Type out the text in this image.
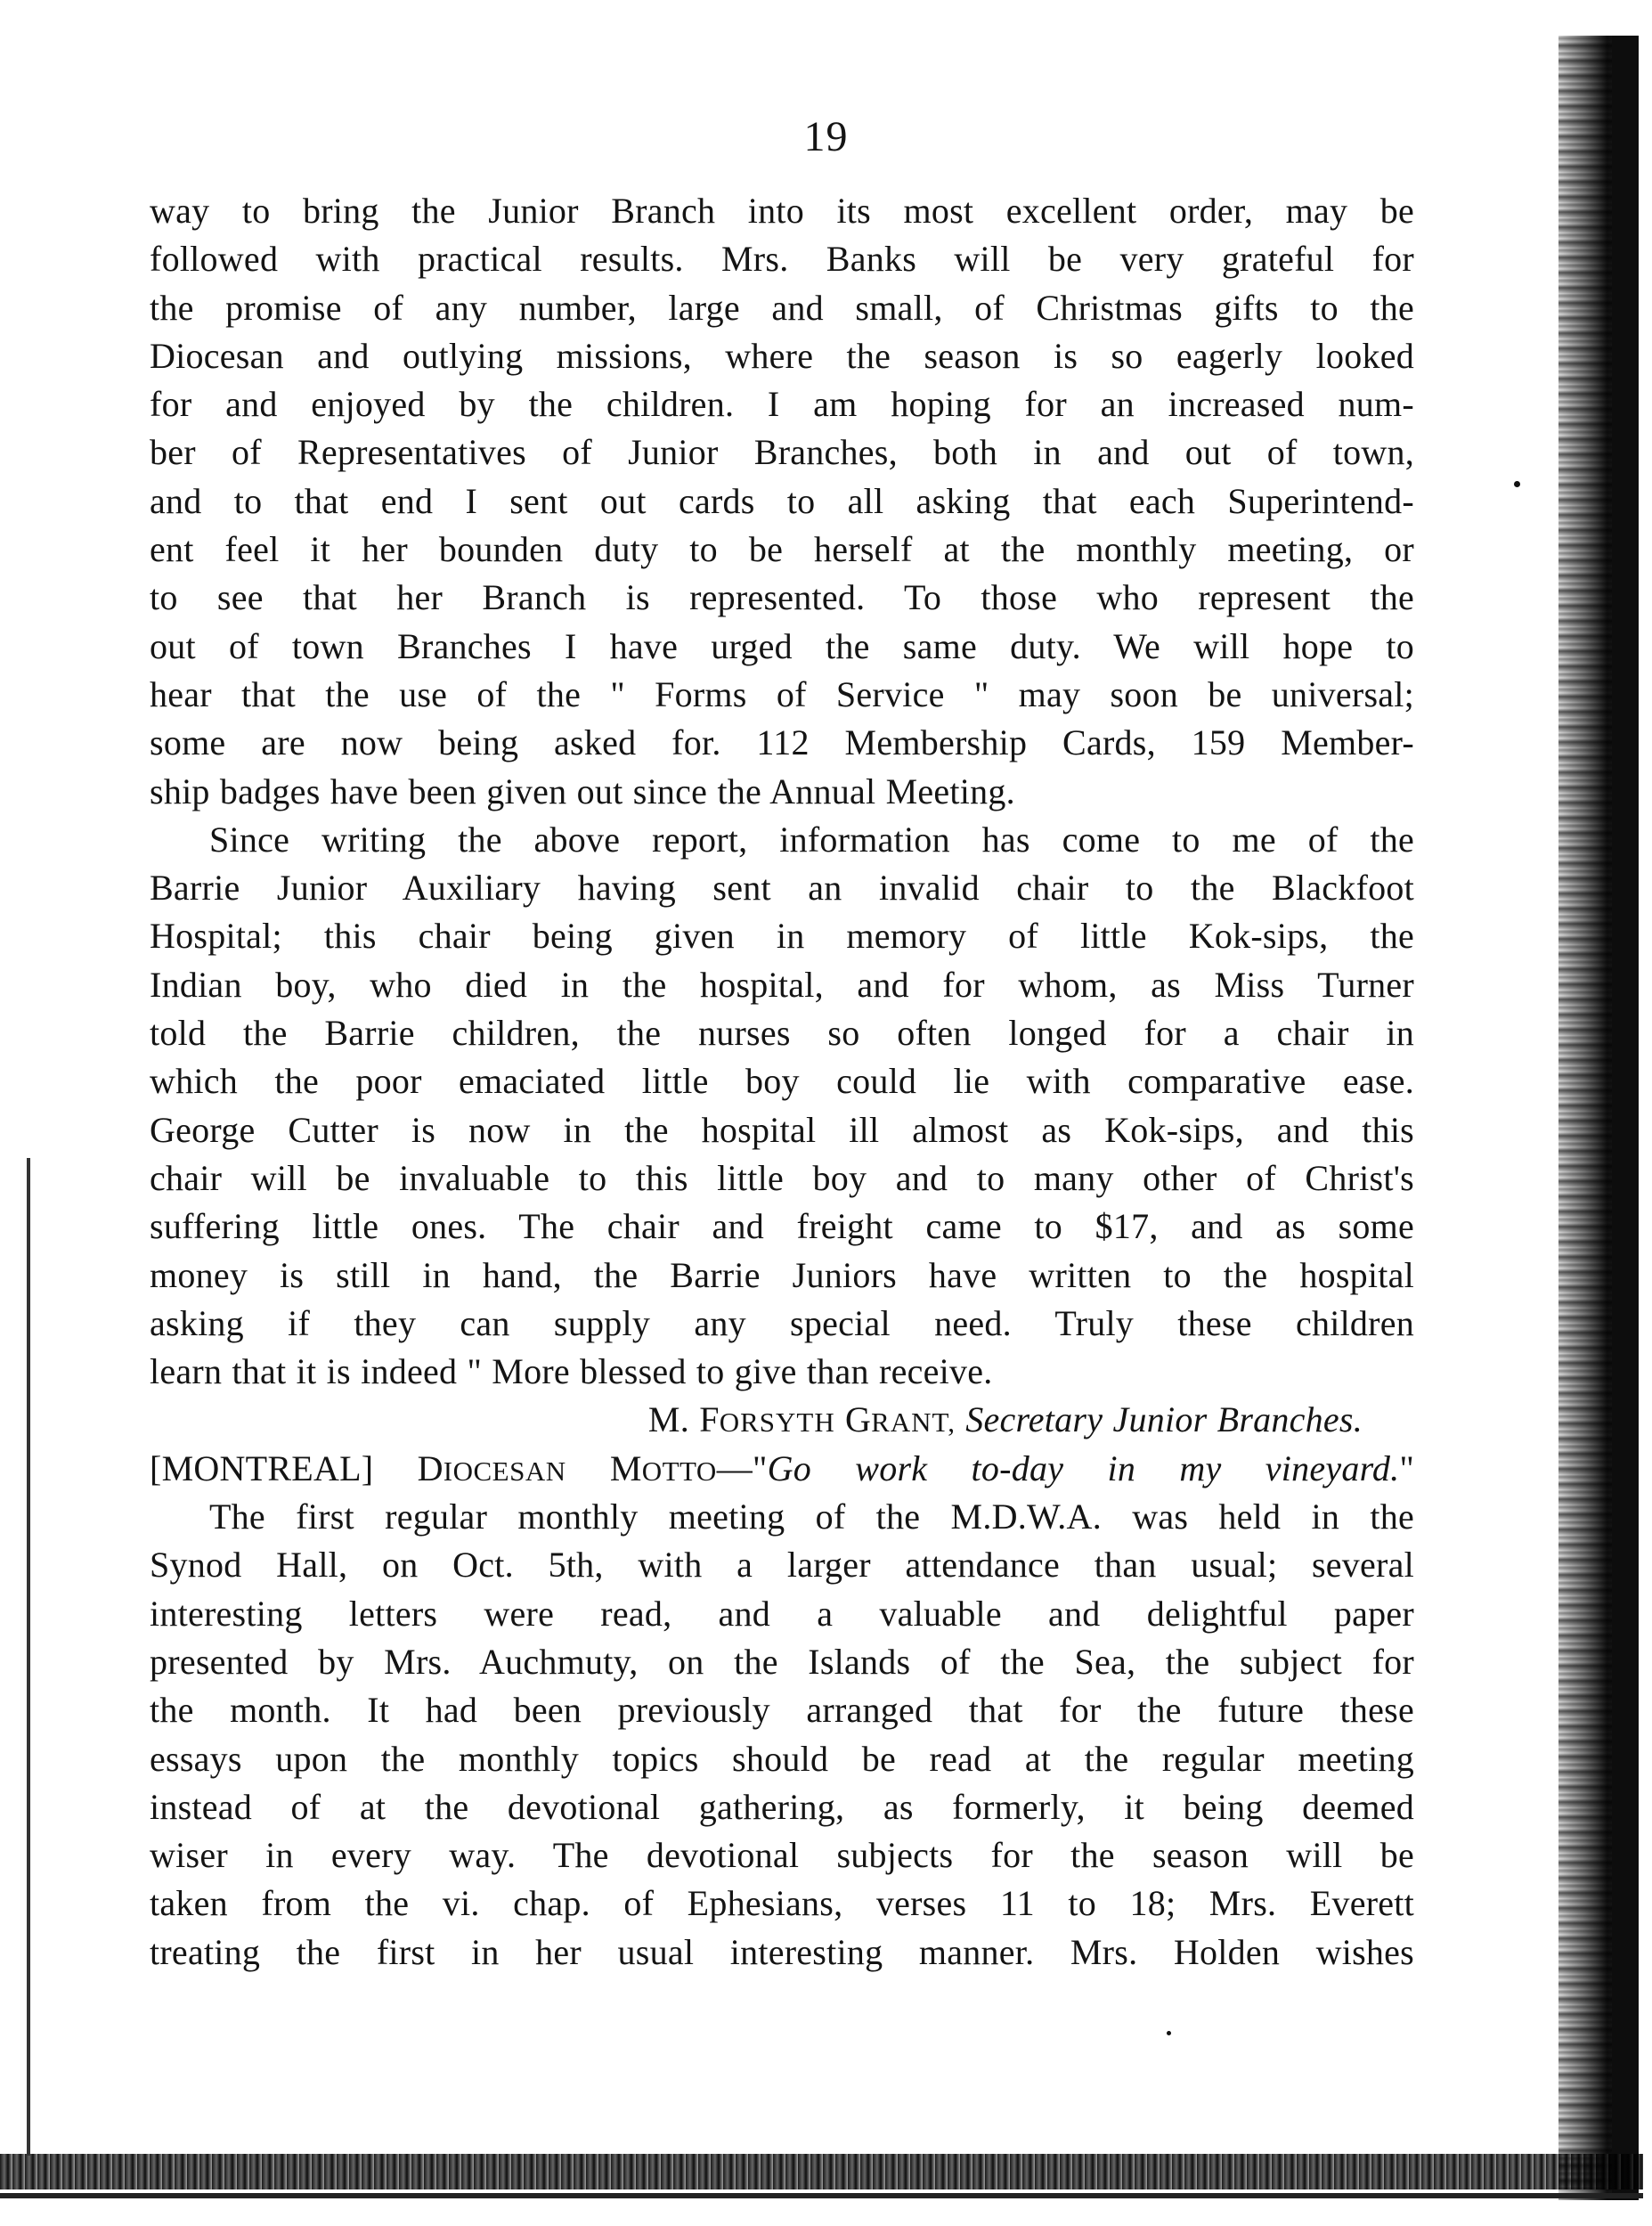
19
way to bring the Junior Branch into its most excellent order, may be
followed with practical results. Mrs. Banks will be very grateful for
the promise of any number, large and small, of Christmas gifts to the
Diocesan and outlying missions, where the season is so eagerly looked
for and enjoyed by the children. I am hoping for an increased num-
ber of Representatives of Junior Branches, both in and out of town,
and to that end I sent out cards to all asking that each Superintend-
ent feel it her bounden duty to be herself at the monthly meeting, or
to see that her Branch is represented. To those who represent the
out of town Branches I have urged the same duty. We will hope to
hear that the use of the " Forms of Service " may soon be universal;
some are now being asked for. 112 Membership Cards, 159 Member-
ship badges have been given out since the Annual Meeting.
Since writing the above report, information has come to me of the
Barrie Junior Auxiliary having sent an invalid chair to the Blackfoot
Hospital; this chair being given in memory of little Kok-sips, the
Indian boy, who died in the hospital, and for whom, as Miss Turner
told the Barrie children, the nurses so often longed for a chair in
which the poor emaciated little boy could lie with comparative ease.
George Cutter is now in the hospital ill almost as Kok-sips, and this
chair will be invaluable to this little boy and to many other of Christ's
suffering little ones. The chair and freight came to $17, and as some
money is still in hand, the Barrie Juniors have written to the hospital
asking if they can supply any special need. Truly these children
learn that it is indeed " More blessed to give than receive.
M. FORSYTH GRANT, Secretary Junior Branches.
[MONTREAL] DIOCESAN MOTTO—"Go work to-day in my vineyard."
The first regular monthly meeting of the M.D.W.A. was held in the
Synod Hall, on Oct. 5th, with a larger attendance than usual; several
interesting letters were read, and a valuable and delightful paper
presented by Mrs. Auchmuty, on the Islands of the Sea, the subject for
the month. It had been previously arranged that for the future these
essays upon the monthly topics should be read at the regular meeting
instead of at the devotional gathering, as formerly, it being deemed
wiser in every way. The devotional subjects for the season will be
taken from the vi. chap. of Ephesians, verses 11 to 18; Mrs. Everett
treating the first in her usual interesting manner. Mrs. Holden wishes
